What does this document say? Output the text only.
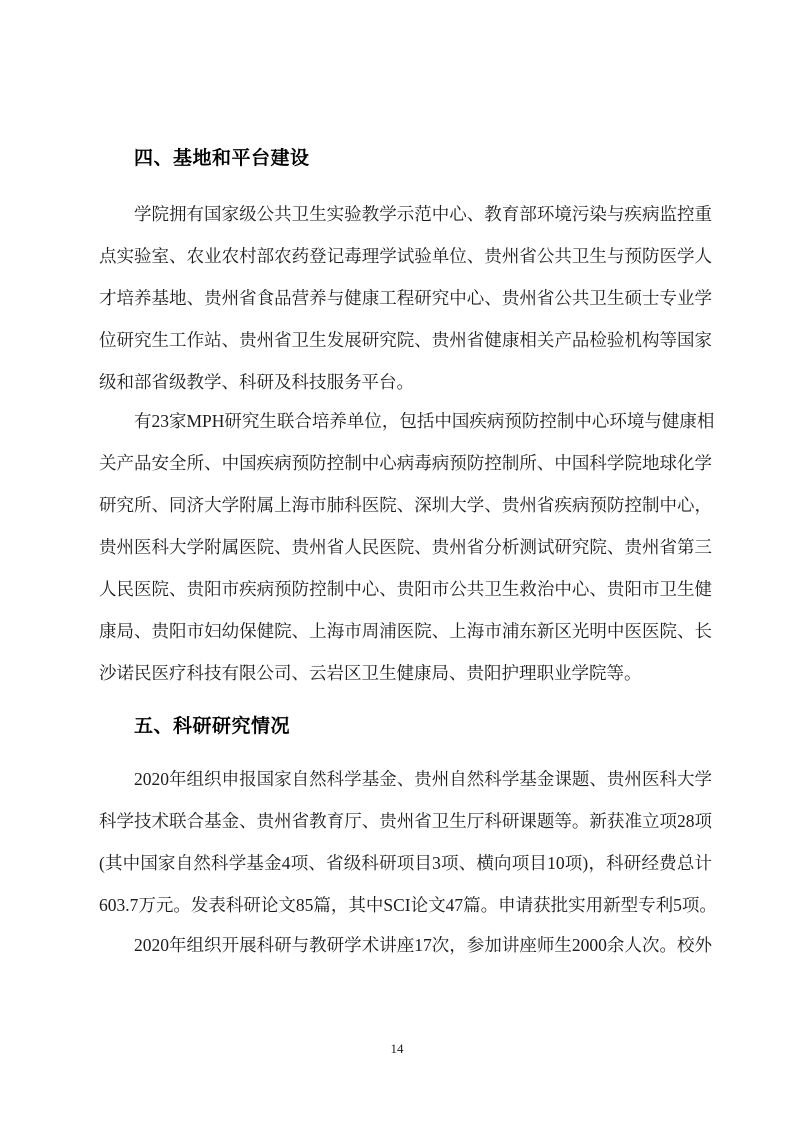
四、基地和平台建设
学院拥有国家级公共卫生实验教学示范中心、教育部环境污染与疾病监控重
点实验室、农业农村部农药登记毒理学试验单位、贵州省公共卫生与预防医学人
才培养基地、贵州省食品营养与健康工程研究中心、贵州省公共卫生硕士专业学
位研究生工作站、贵州省卫生发展研究院、贵州省健康相关产品检验机构等国家
级和部省级教学、科研及科技服务平台。
有23家MPH研究生联合培养单位，包括中国疾病预防控制中心环境与健康相
关产品安全所、中国疾病预防控制中心病毒病预防控制所、中国科学院地球化学
研究所、同济大学附属上海市肺科医院、深圳大学、贵州省疾病预防控制中心，
贵州医科大学附属医院、贵州省人民医院、贵州省分析测试研究院、贵州省第三
人民医院、贵阳市疾病预防控制中心、贵阳市公共卫生救治中心、贵阳市卫生健
康局、贵阳市妇幼保健院、上海市周浦医院、上海市浦东新区光明中医医院、长
沙诺民医疗科技有限公司、云岩区卫生健康局、贵阳护理职业学院等。
五、科研研究情况
2020年组织申报国家自然科学基金、贵州自然科学基金课题、贵州医科大学
科学技术联合基金、贵州省教育厅、贵州省卫生厅科研课题等。新获准立项28项
(其中国家自然科学基金4项、省级科研项目3项、横向项目10项)，科研经费总计
603.7万元。发表科研论文85篇，其中SCI论文47篇。申请获批实用新型专利5项。
2020年组织开展科研与教研学术讲座17次，参加讲座师生2000余人次。校外
14
